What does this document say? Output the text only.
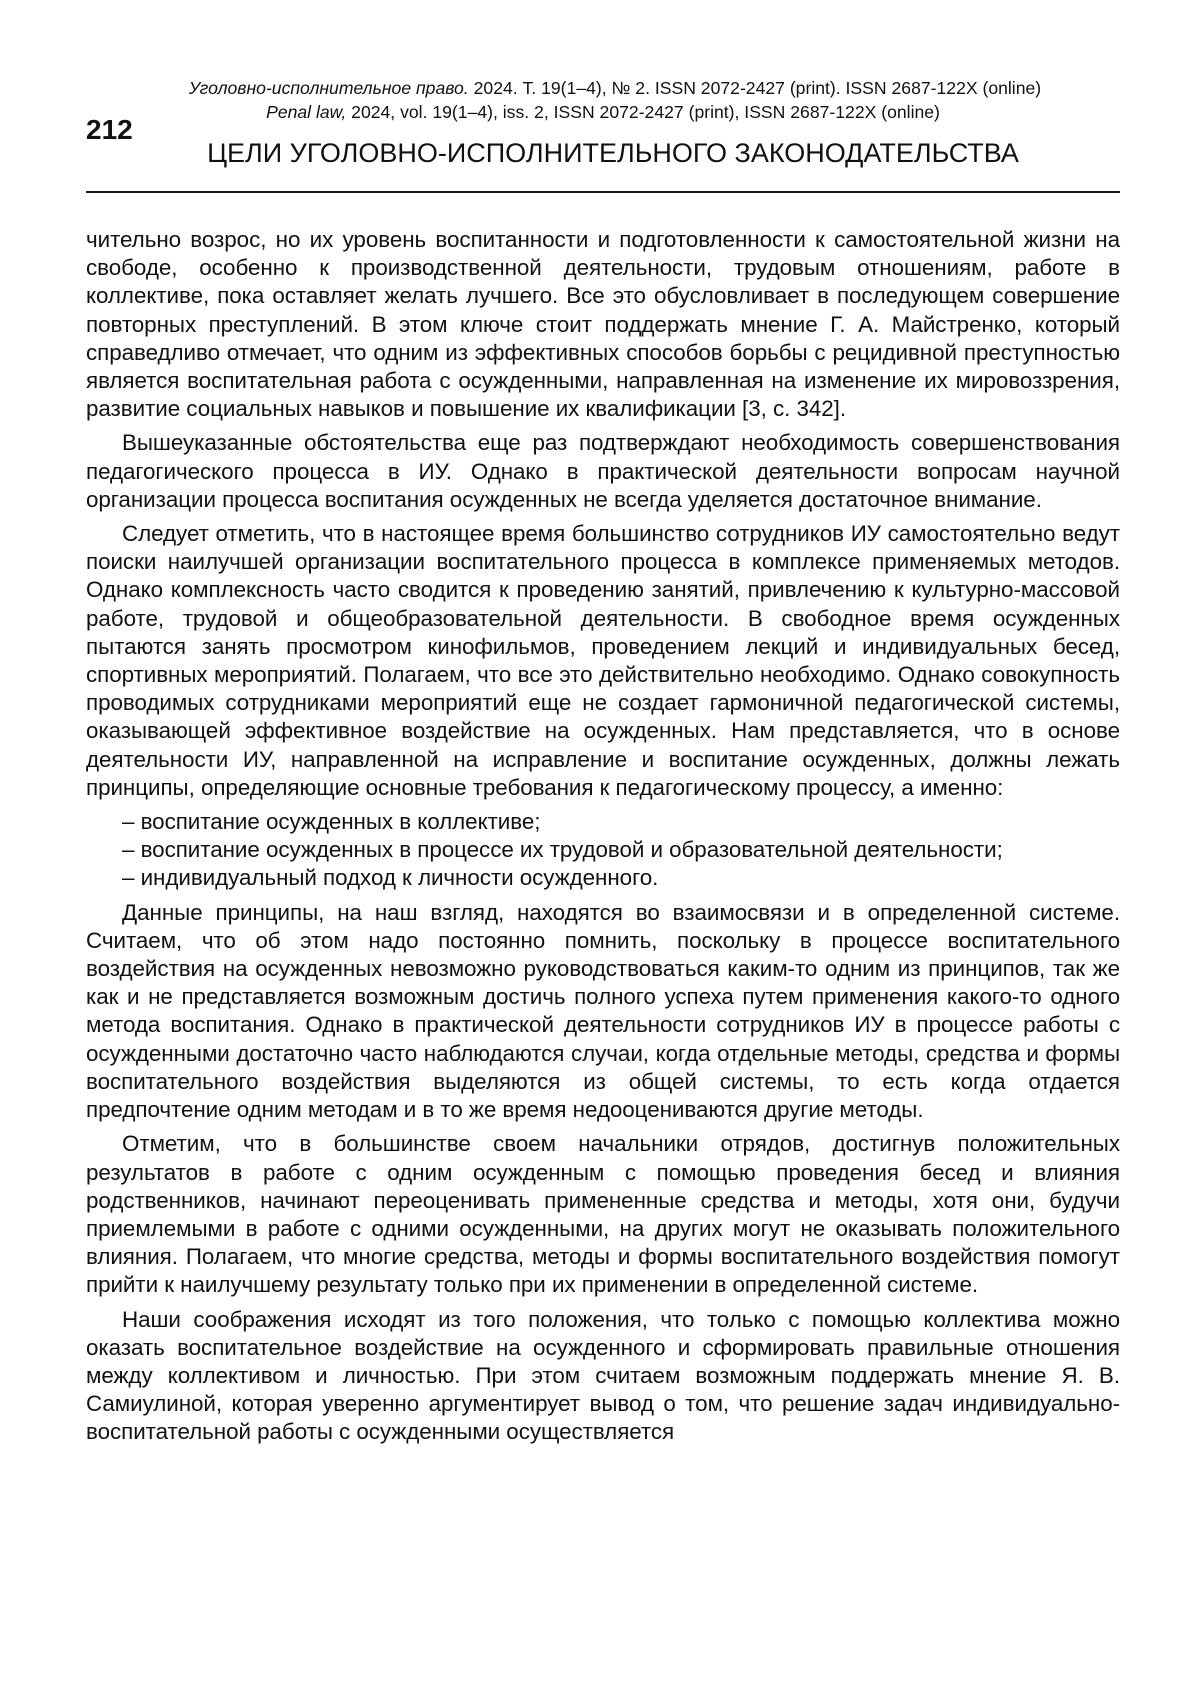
212
Уголовно-исполнительное право. 2024. Т. 19(1–4), № 2. ISSN 2072-2427 (print). ISSN 2687-122X (online)
Penal law, 2024, vol. 19(1–4), iss. 2, ISSN 2072-2427 (print), ISSN 2687-122X (online)
ЦЕЛИ УГОЛОВНО-ИСПОЛНИТЕЛЬНОГО ЗАКОНОДАТЕЛЬСТВА

чительно возрос, но их уровень воспитанности и подготовленности к самостоятельной жизни на свободе, особенно к производственной деятельности, трудовым отношениям, работе в коллективе, пока оставляет желать лучшего. Все это обусловливает в после­дующем совершение повторных преступлений. В этом ключе стоит поддержать мнение Г. А. Майстренко, который справедливо отмечает, что одним из эффективных способов борьбы с рецидивной преступностью является воспитательная работа с осужденными, направленная на изменение их мировоззрения, развитие социальных навыков и повы­шение их квалификации [3, с. 342].

Вышеуказанные обстоятельства еще раз подтверждают необходимость совершен­ствования педагогического процесса в ИУ. Однако в практической деятельности во­просам научной организации процесса воспитания осужденных не всегда уделяется достаточное внимание.

Следует отметить, что в настоящее время большинство сотрудников ИУ самостоя­тельно ведут поиски наилучшей организации воспитательного процесса в комплексе применяемых методов. Однако комплексность часто сводится к проведению занятий, привлечению к культурно-массовой работе, трудовой и общеобразовательной деятель­ности. В свободное время осужденных пытаются занять просмотром кинофильмов, проведением лекций и индивидуальных бесед, спортивных мероприятий. Полагаем, что все это действительно необходимо. Однако совокупность проводимых сотрудника­ми мероприятий еще не создает гармоничной педагогической системы, оказывающей эффективное воздействие на осужденных. Нам представляется, что в основе деятель­ности ИУ, направленной на исправление и воспитание осужденных, должны лежать принципы, определяющие основные требования к педагогическому процессу, а именно:

– воспитание осужденных в коллективе;
– воспитание осужденных в процессе их трудовой и образовательной деятельности;
– индивидуальный подход к личности осужденного.

Данные принципы, на наш взгляд, находятся во взаимосвязи и в определенной си­стеме. Считаем, что об этом надо постоянно помнить, поскольку в процессе воспита­тельного воздействия на осужденных невозможно руководствоваться каким-то одним из принципов, так же как и не представляется возможным достичь полного успеха путем применения какого-то одного метода воспитания. Однако в практической деятельности сотрудников ИУ в процессе работы с осужденными достаточно часто наблюдаются слу­чаи, когда отдельные методы, средства и формы воспитательного воздействия выде­ляются из общей системы, то есть когда отдается предпочтение одним методам и в то же время недооцениваются другие методы.

Отметим, что в большинстве своем начальники отрядов, достигнув положительных результатов в работе с одним осужденным с помощью проведения бесед и влияния родственников, начинают переоценивать примененные средства и методы, хотя они, будучи приемлемыми в работе с одними осужденными, на других могут не оказывать положительного влияния. Полагаем, что многие средства, методы и формы воспита­тельного воздействия помогут прийти к наилучшему результату только при их приме­нении в определенной системе.

Наши соображения исходят из того положения, что только с помощью коллектива можно оказать воспитательное воздействие на осужденного и сформировать правиль­ные отношения между коллективом и личностью. При этом считаем возможным под­держать мнение Я. В. Самиулиной, которая уверенно аргументирует вывод о том, что решение задач индивидуально-воспитательной работы с осужденными осуществляется
